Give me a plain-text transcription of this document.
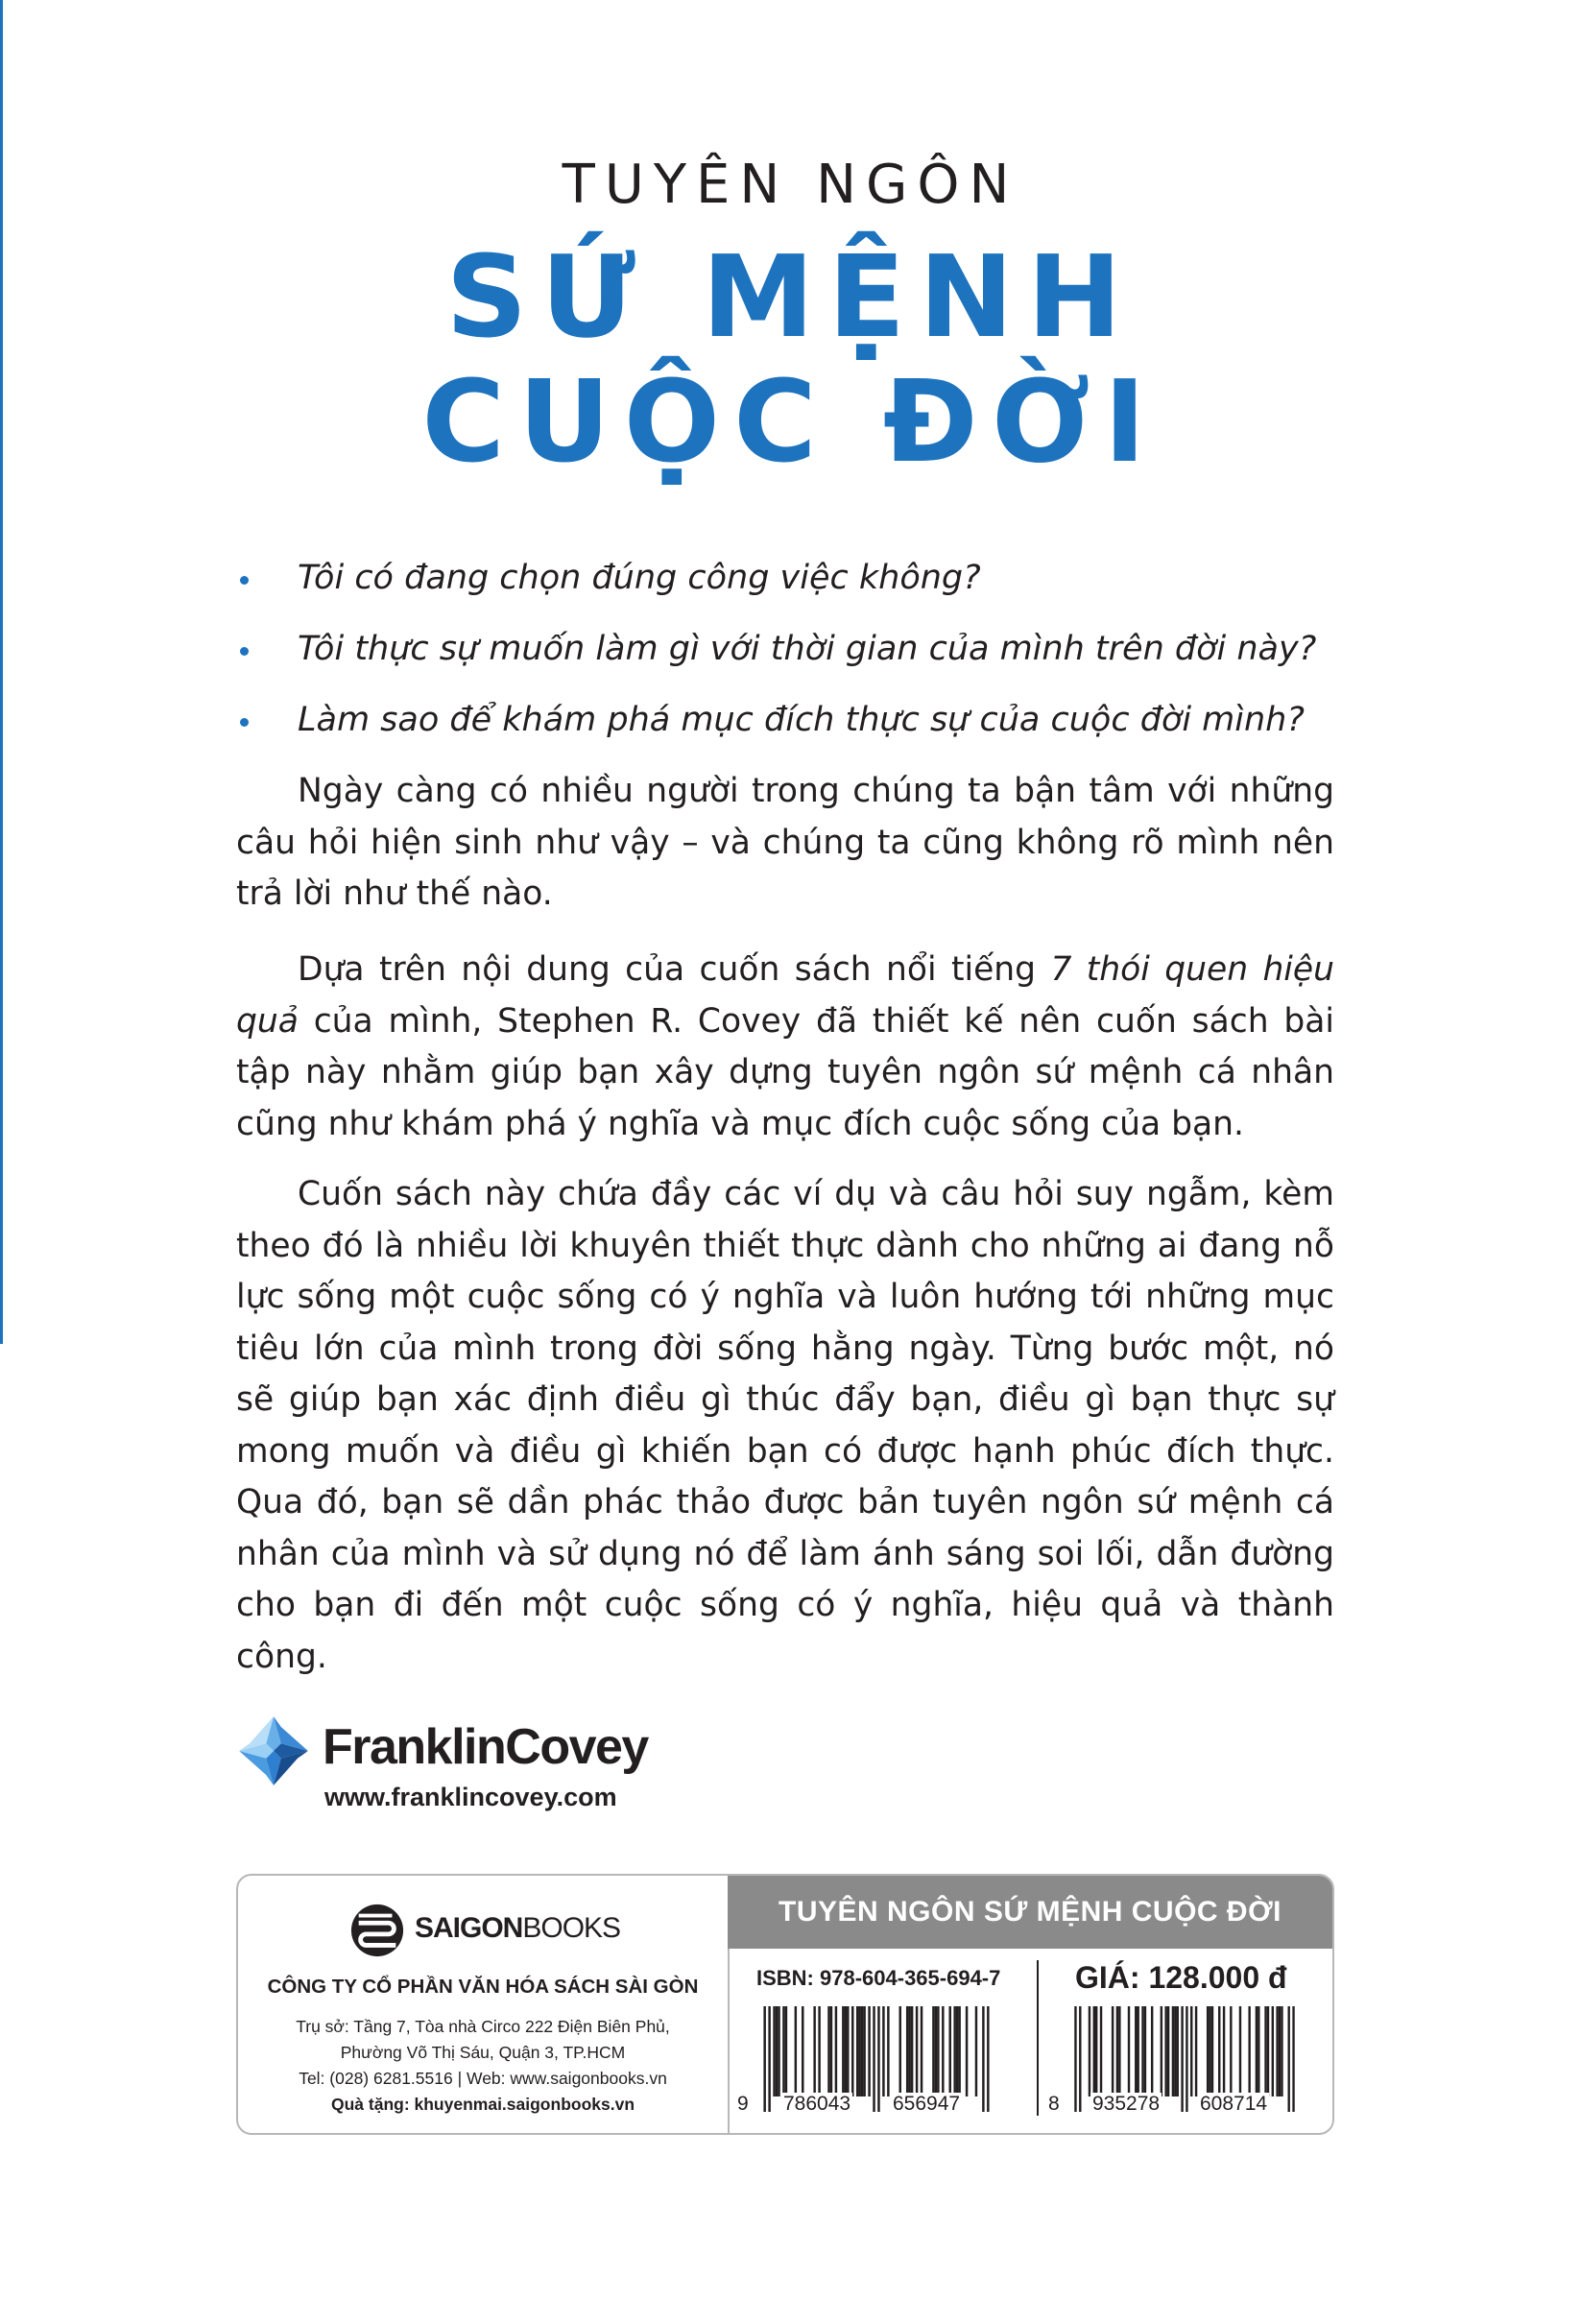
TUYÊN NGÔN
SỨ MỆNH
CUỘC ĐỜI
Tôi có đang chọn đúng công việc không?
Tôi thực sự muốn làm gì với thời gian của mình trên đời này?
Làm sao để khám phá mục đích thực sự của cuộc đời mình?

Ngày càng có nhiều người trong chúng ta bận tâm với những câu hỏi hiện sinh như vậy – và chúng ta cũng không rõ mình nên trả lời như thế nào.

Dựa trên nội dung của cuốn sách nổi tiếng 7 thói quen hiệu quả của mình, Stephen R. Covey đã thiết kế nên cuốn sách bài tập này nhằm giúp bạn xây dựng tuyên ngôn sứ mệnh cá nhân cũng như khám phá ý nghĩa và mục đích cuộc sống của bạn.

Cuốn sách này chứa đầy các ví dụ và câu hỏi suy ngẫm, kèm theo đó là nhiều lời khuyên thiết thực dành cho những ai đang nỗ lực sống một cuộc sống có ý nghĩa và luôn hướng tới những mục tiêu lớn của mình trong đời sống hằng ngày. Từng bước một, nó sẽ giúp bạn xác định điều gì thúc đẩy bạn, điều gì bạn thực sự mong muốn và điều gì khiến bạn có được hạnh phúc đích thực. Qua đó, bạn sẽ dần phác thảo được bản tuyên ngôn sứ mệnh cá nhân của mình và sử dụng nó để làm ánh sáng soi lối, dẫn đường cho bạn đi đến một cuộc sống có ý nghĩa, hiệu quả và thành công.

FranklinCovey
www.franklincovey.com
SAIGONBOOKS
CÔNG TY CỔ PHẦN VĂN HÓA SÁCH SÀI GÒN
Trụ sở: Tầng 7, Tòa nhà Circo 222 Điện Biên Phủ,
Phường Võ Thị Sáu, Quận 3, TP.HCM
Tel: (028) 6281.5516 | Web: www.saigonbooks.vn
Quà tặng: khuyenmai.saigonbooks.vn
TUYÊN NGÔN SỨ MỆNH CUỘC ĐỜI
ISBN: 978-604-365-694-7 GIÁ: 128.000 đ
9 786043 656947	8 935278 608714
